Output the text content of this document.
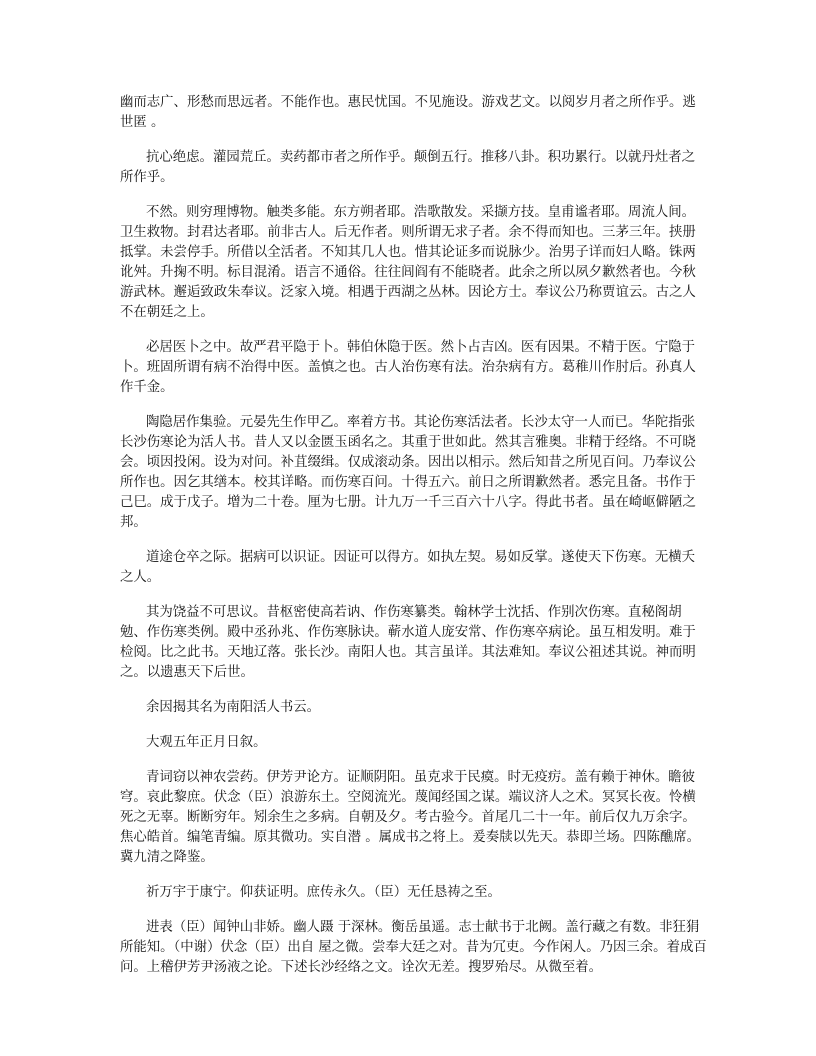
幽而志广、形愁而思远者。不能作也。惠民忧国。不见施设。游戏艺文。以阅岁月者之所作乎。逃世匿 。

抗心绝虑。灌园荒丘。卖药都市者之所作乎。颠倒五行。推移八卦。积功累行。以就丹灶者之所作乎。

不然。则穷理博物。触类多能。东方朔者耶。浩歌散发。采撷方技。皇甫谧者耶。周流人间。卫生救物。封君达者耶。前非古人。后无作者。则所谓无求子者。余不得而知也。三茅三年。挟册抵掌。未尝停手。所借以全活者。不知其几人也。惜其论证多而说脉少。治男子详而妇人略。铢两讹舛。升掬不明。标目混淆。语言不通俗。往往闾阎有不能晓者。此余之所以夙夕歉然者也。今秋游武林。邂逅致政朱奉议。泛家入境。相遇于西湖之丛林。因论方士。奉议公乃称贾谊云。古之人不在朝廷之上。

必居医卜之中。故严君平隐于卜。韩伯休隐于医。然卜占吉凶。医有因果。不精于医。宁隐于卜。班固所谓有病不治得中医。盖慎之也。古人治伤寒有法。治杂病有方。葛稚川作肘后。孙真人作千金。

陶隐居作集验。元晏先生作甲乙。率着方书。其论伤寒活法者。长沙太守一人而已。华陀指张长沙伤寒论为活人书。昔人又以金匮玉函名之。其重于世如此。然其言雅奥。非精于经络。不可晓会。顷因投闲。设为对问。补苴缀缉。仅成滚动条。因出以相示。然后知昔之所见百问。乃奉议公所作也。因乞其缮本。校其详略。而伤寒百问。十得五六。前日之所谓歉然者。悉完且备。书作于己巳。成于戊子。增为二十卷。厘为七册。计九万一千三百六十八字。得此书者。虽在崎岖僻陋之邦。

道途仓卒之际。据病可以识证。因证可以得方。如执左契。易如反掌。遂使天下伤寒。无横夭之人。

其为饶益不可思议。昔枢密使高若讷、作伤寒纂类。翰林学士沈括、作别次伤寒。直秘阁胡勉、作伤寒类例。殿中丞孙兆、作伤寒脉诀。蕲水道人庞安常、作伤寒卒病论。虽互相发明。难于检阅。比之此书。天地辽落。张长沙。南阳人也。其言虽详。其法难知。奉议公祖述其说。神而明之。以遗惠天下后世。

余因揭其名为南阳活人书云。

大观五年正月日叙。

青词窃以神农尝药。伊芳尹论方。证顺阴阳。虽克求于民瘼。时无疫疠。盖有赖于神休。瞻彼 穹。哀此黎庶。伏念（臣）浪游东土。空阅流光。蔑闻经国之谋。端议济人之术。冥冥长夜。怜横死之无辜。断断穷年。矧余生之多病。自朝及夕。考古验今。首尾几二十一年。前后仅九万余字。焦心皓首。编笔青编。原其微功。实自潜 。属成书之将上。爰奏牍以先天。恭即兰场。四陈醮席。冀九清之降鉴。

祈万宇于康宁。仰获证明。庶传永久。（臣）无任恳祷之至。

进表（臣）闻钟山非娇。幽人蹑 于深林。衡岳虽遥。志士献书于北阙。盖行藏之有数。非狂狷所能知。（中谢）伏念（臣）出自 屋之微。尝奉大廷之对。昔为冗吏。今作闲人。乃因三余。着成百问。上稽伊芳尹汤液之论。下述长沙经络之文。诠次无差。搜罗殆尽。从微至着。
